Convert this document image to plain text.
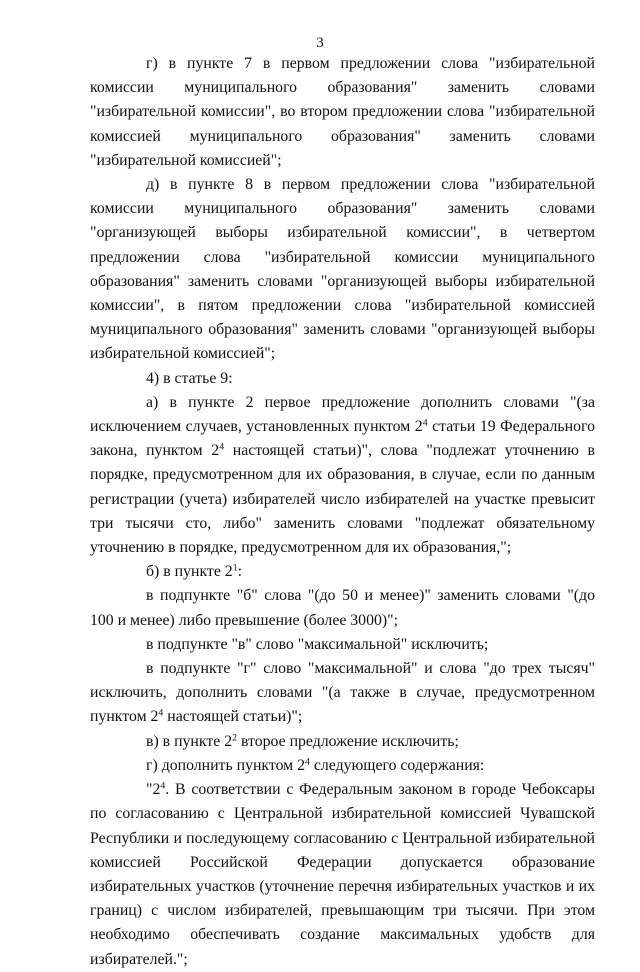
3

г) в пункте 7 в первом предложении слова "избирательной комиссии муниципального образования" заменить словами "избирательной комиссии", во втором предложении слова "избирательной комиссией муниципального образования" заменить словами "избирательной комиссией";

д) в пункте 8 в первом предложении слова "избирательной комиссии муниципального образования" заменить словами "организующей выборы избирательной комиссии", в четвертом предложении слова "избирательной комиссии муниципального образования" заменить словами "организующей выборы избирательной комиссии", в пятом предложении слова "избирательной комиссией муниципального образования" заменить словами "организующей выборы избирательной комиссией";

4) в статье 9:

а) в пункте 2 первое предложение дополнить словами "(за исключением случаев, установленных пунктом $2^4$ статьи 19 Федерального закона, пунктом $2^4$ настоящей статьи)", слова "подлежат уточнению в порядке, предусмотренном для их образования, в случае, если по данным регистрации (учета) избирателей число избирателей на участке превысит три тысячи сто, либо" заменить словами "подлежат обязательному уточнению в порядке, предусмотренном для их образования,";

б) в пункте $2^1$:

в подпункте "б" слова "(до 50 и менее)" заменить словами "(до 100 и менее) либо превышение (более 3000)";

в подпункте "в" слово "максимальной" исключить;

в подпункте "г" слово "максимальной" и слова "до трех тысяч" исключить, дополнить словами "(а также в случае, предусмотренном пунктом $2^4$ настоящей статьи)";

в) в пункте $2^2$ второе предложение исключить;

г) дополнить пунктом $2^4$ следующего содержания:

"$2^4$. В соответствии с Федеральным законом в городе Чебоксары по согласованию с Центральной избирательной комиссией Чувашской Республики и последующему согласованию с Центральной избирательной комиссией Российской Федерации допускается образование избирательных участков (уточнение перечня избирательных участков и их границ) с числом избирателей, превышающим три тысячи. При этом необходимо обеспечивать создание максимальных удобств для избирателей.";
